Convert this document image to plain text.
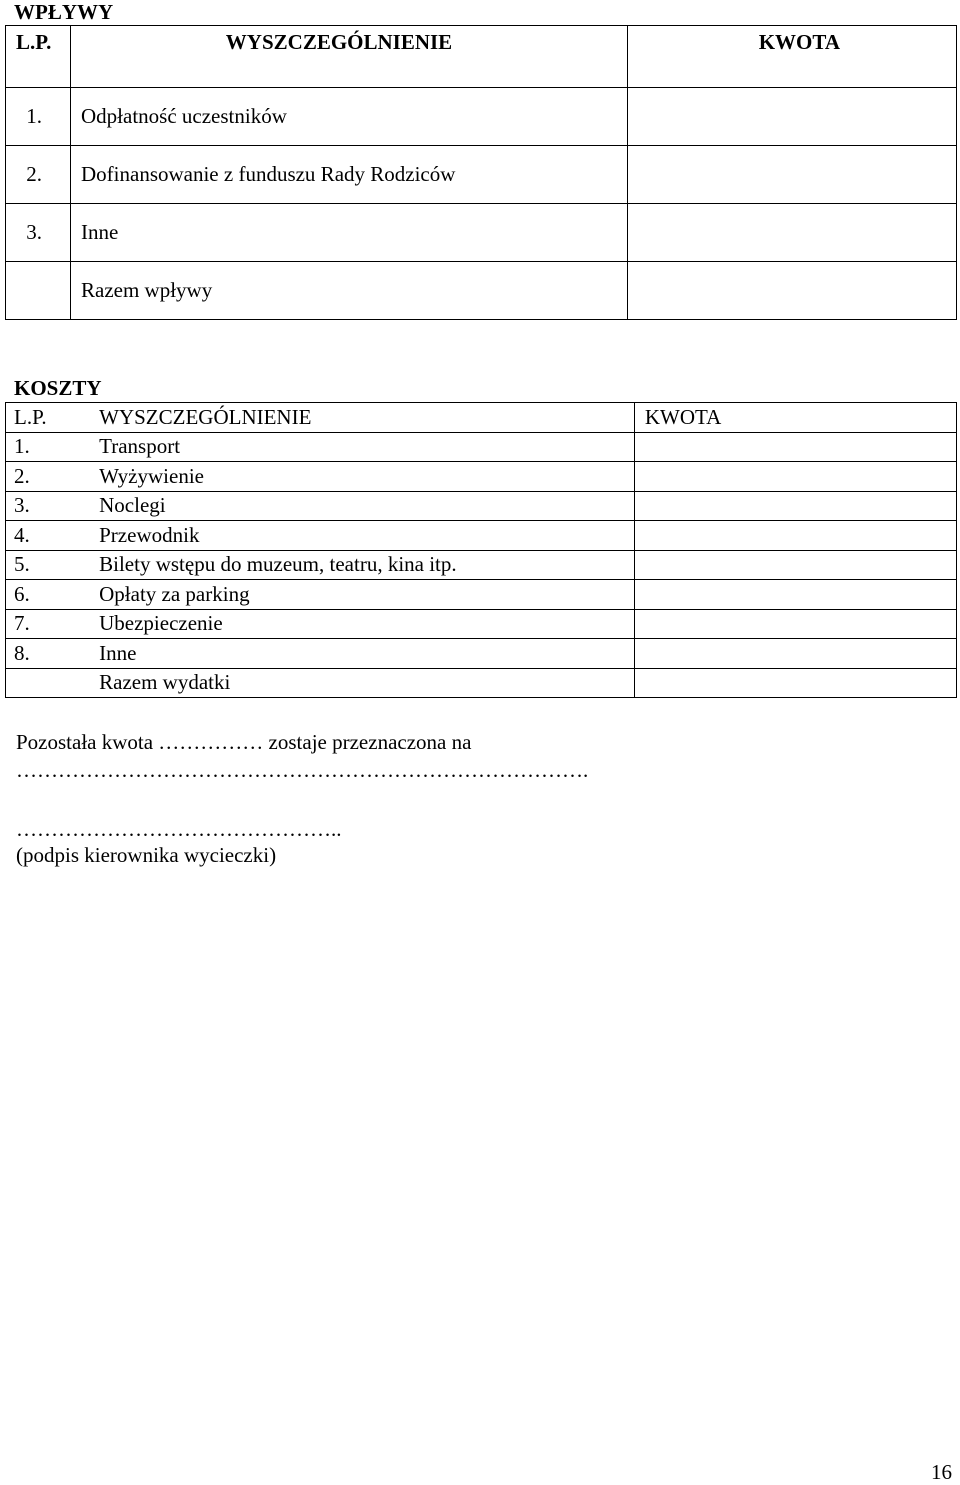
WPŁYWY
L.P.	WYSZCZEGÓLNIENIE	KWOTA

1.	Odpłatność uczestników	

2.	Dofinansowanie z funduszu Rady Rodziców	

3.	Inne	

	Razem wpływy	
KOSZTY
L.P.	WYSZCZEGÓLNIENIE	KWOTA
1.	Transport	
2.	Wyżywienie	
3.	Noclegi	
4.	Przewodnik	
5.	Bilety wstępu do muzeum, teatru, kina itp.	
6.	Opłaty za parking	
7.	Ubezpieczenie	
8.	Inne	
	Razem wydatki	
Pozostała kwota …………… zostaje przeznaczona na
……………………………………………………………………….
………………………………………..
(podpis kierownika wycieczki)
16
